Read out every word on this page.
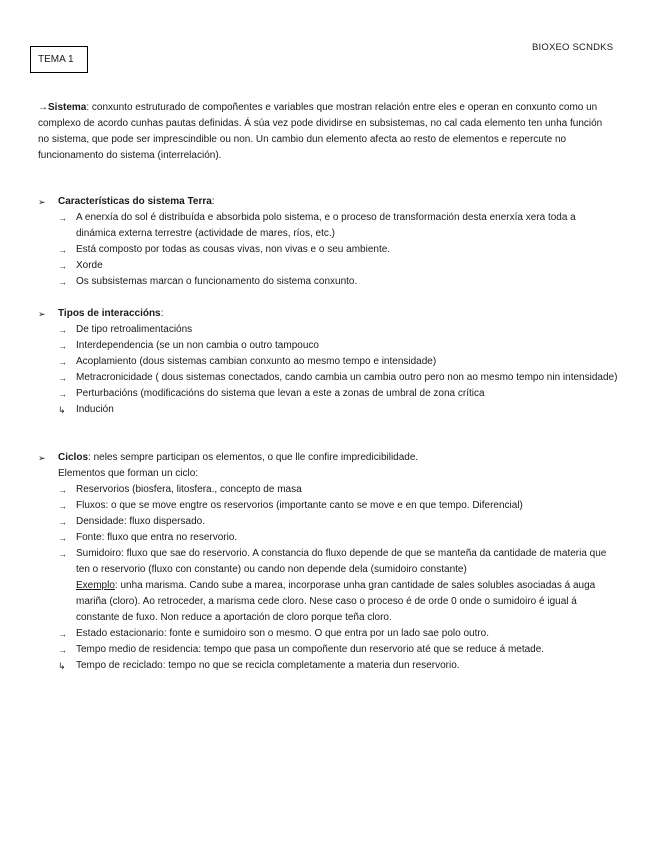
BIOXEO SCNDKS
TEMA 1
→Sistema: conxunto estruturado de compoñentes e variables que mostran relación entre eles e operan en conxunto como un complexo de acordo cunhas pautas definidas. Á súa vez pode dividirse en subsistemas, no cal cada elemento ten unha función no sistema, que pode ser imprescindible ou non. Un cambio dun elemento afecta ao resto de elementos e repercute no funcionamento do sistema (interrelación).
➢	Características do sistema Terra:
→ A enerxía do sol é distribuída e absorbida polo sistema, e o proceso de transformación desta enerxía xera toda a dinámica externa terrestre (actividade de mares, ríos, etc.)
→ Está composto por todas as cousas vivas, non vivas e o seu ambiente.
→ Xorde
→ Os subsistemas marcan o funcionamento do sistema conxunto.
➢	Tipos de interaccións:
→ De tipo retroalimentacións
→ Interdependencia (se un non cambia o outro tampouco
→ Acoplamiento (dous sistemas cambian conxunto ao mesmo tempo e intensidade)
→ Metracronicidade ( dous sistemas conectados, cando cambia un cambia outro pero non ao mesmo tempo nin intensidade)
→ Perturbacións (modificacións do sistema que levan a este a zonas de umbral de zona crítica
↳	Indución
➢	Ciclos: neles sempre participan os elementos, o que lle confire impredicibilidade.
Elementos que forman un ciclo:
→ Reservorios (biosfera, litosfera., concepto de masa
→ Fluxos: o que se move engtre os reservorios (importante canto se move e en que tempo. Diferencial)
→ Densidade: fluxo dispersado.
→ Fonte: fluxo que entra no reservorio.
→ Sumidoiro: fluxo que sae do reservorio. A constancia do fluxo depende de que se manteña da cantidade de materia que ten o reservorio (fluxo con constante) ou cando non depende dela (sumidoiro constante)
Exemplo: unha marisma. Cando sube a marea, incorporase unha gran cantidade de sales solubles asociadas á auga mariña (cloro). Ao retroceder, a marisma cede cloro. Nese caso o proceso é de orde 0 onde o sumidoiro é igual á constante de fuxo. Non reduce a aportación de cloro porque teña cloro.
→ Estado estacionario: fonte e sumidoiro son o mesmo. O que entra por un lado sae polo outro.
→ Tempo medio de residencia: tempo que pasa un compoñente dun reservorio até que se reduce á metade.
↳	Tempo de reciclado: tempo no que se recicla completamente a materia dun reservorio.
